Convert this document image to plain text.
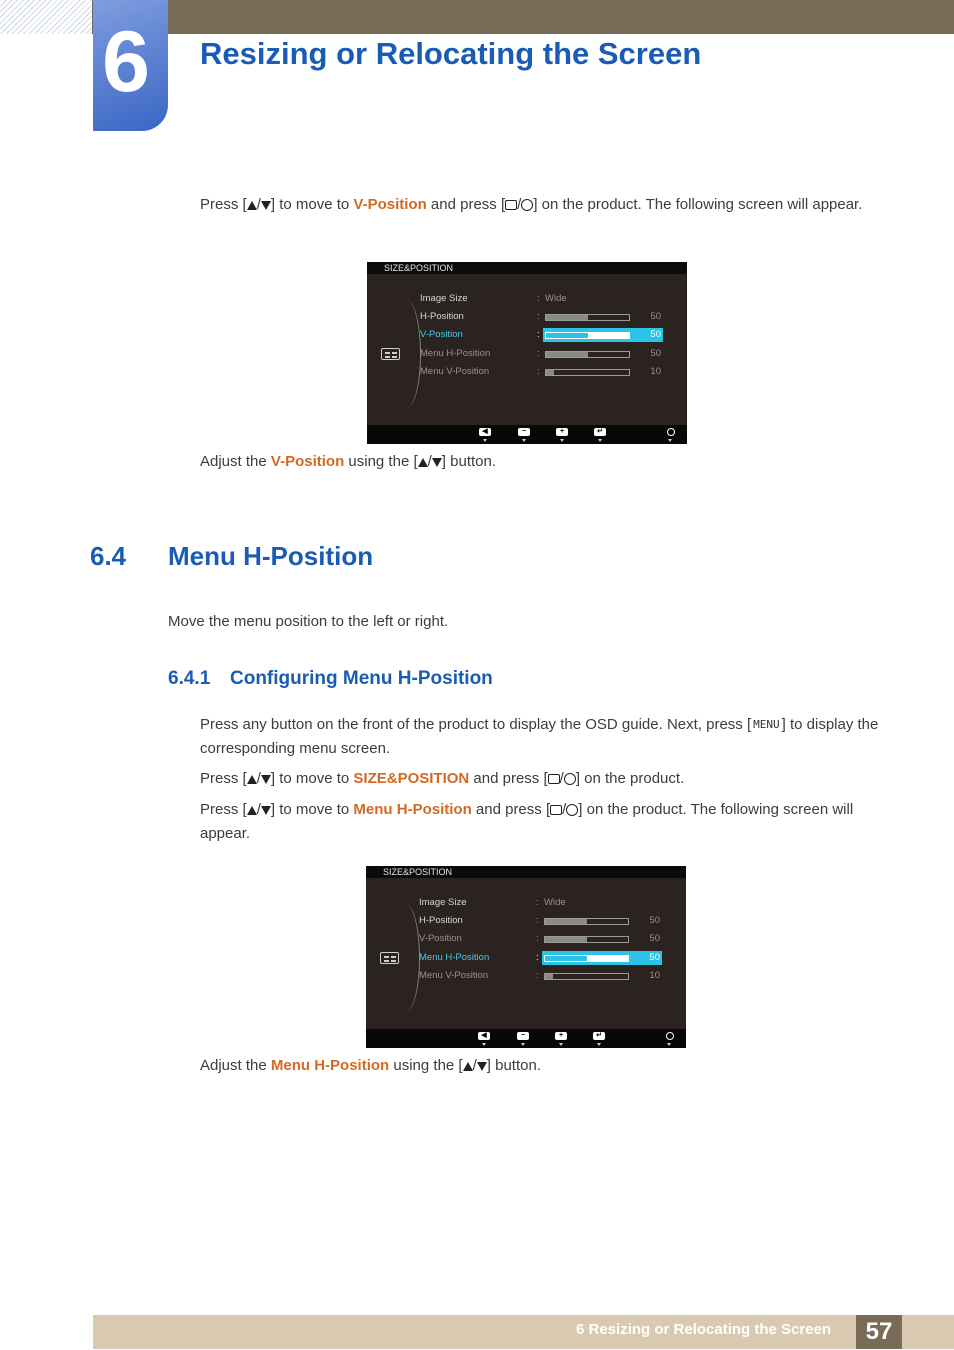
6 Resizing or Relocating the Screen
Press [ / ] to move to V-Position and press [ / ] on the product. The following screen will appear.
SIZE&POSITION
Image Size	: Wide
H-Position	:	50
V-Position	:	50
Menu H-Position	:	50
Menu V-Position	:	10
◀	−	+	↵
Adjust the V-Position using the [ / ] button.
6.4 Menu H-Position
Move the menu position to the left or right.
6.4.1 Configuring Menu H-Position
Press any button on the front of the product to display the OSD guide. Next, press [ MENU ] to display the corresponding menu screen.
Press [ / ] to move to SIZE&POSITION and press [ / ] on the product.
Press [ / ] to move to Menu H-Position and press [ / ] on the product. The following screen will appear.
SIZE&POSITION
Image Size	: Wide
H-Position	:	50
V-Position	:	50
Menu H-Position	:	50
Menu V-Position	:	10
◀	−	+	↵
Adjust the Menu H-Position using the [ / ] button.
6 Resizing or Relocating the Screen	57
